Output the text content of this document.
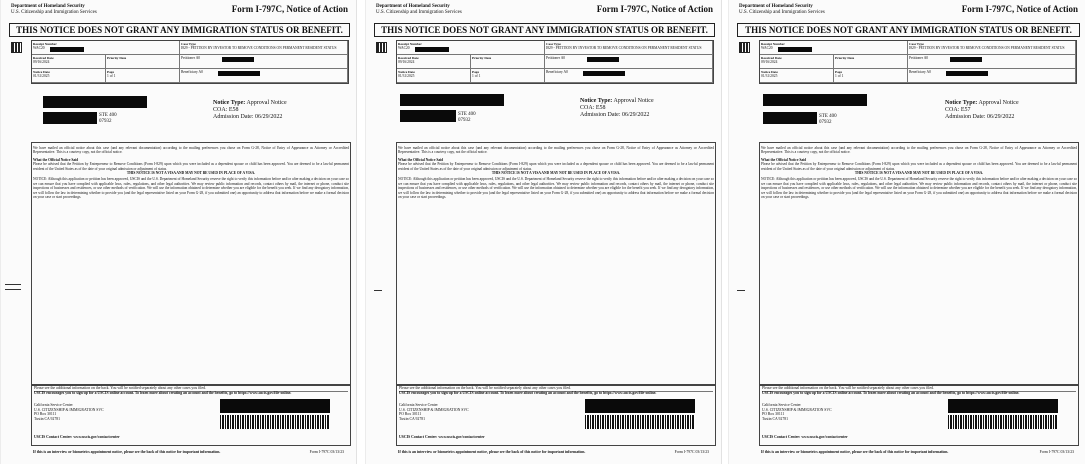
Department of Homeland Security
U.S. Citizenship and Immigration Services	Form I-797C, Notice of Action
THIS NOTICE DOES NOT GRANT ANY IMMIGRATION STATUS OR BENEFIT.
Receipt Number
WAC20
Case Type
I829 - PETITION BY INVESTOR TO REMOVE CONDITIONS ON PERMANENT RESIDENT STATUS
Received Date
09/16/2024
Priority Date	Petitioner A0
Notice Date
01/31/2025
Page
1 of 1
Beneficiary A0
STE 400
07932
Notice Type: Approval Notice
COA: E58
Admission Date: 06/29/2022
We have mailed an official notice about this case (and any relevant documentation) according to the mailing preferences you chose on Form G-28, Notice of Entry of Appearance as Attorney or Accredited Representative. This is a courtesy copy, not the official notice.
What the Official Notice Said
Please be advised that the Petition by Entrepreneur to Remove Conditions (Form I-829) upon which you were included as a dependent spouse or child has been approved. You are deemed to be a lawful permanent resident of the United States as of the date of your original admission or adjustment of status.
THIS NOTICE IS NOT A VISA AND MAY NOT BE USED IN PLACE OF A VISA.
NOTICE: Although this application or petition has been approved, USCIS and the U.S. Department of Homeland Security reserve the right to verify this information before and/or after making a decision on your case so we can ensure that you have complied with applicable laws, rules, regulations, and other legal authorities. We may review public information and records, contact others by mail, the internet or phone, conduct site inspections of businesses and residences, or use other methods of verification. We will use the information obtained to determine whether you are eligible for the benefit you seek. If we find any derogatory information, we will follow the law in determining whether to provide you (and the legal representative listed on your Form G-28, if you submitted one) an opportunity to address that information before we make a formal decision on your case or start proceedings.
Please see the additional information on the back. You will be notified separately about any other cases you filed.
USCIS encourages you to sign up for a USCIS online account. To learn more about creating an account and the benefits, go to https://www.uscis.gov/file-online.
California Service Center
U.S. CITIZENSHIP & IMMIGRATION SVC
PO Box 30111
Tustin CA 92781
USCIS Contact Center: www.uscis.gov/contactcenter
If this is an interview or biometrics appointment notice, please see the back of this notice for important information.	Form I-797C 03/13/23
Department of Homeland Security
U.S. Citizenship and Immigration Services	Form I-797C, Notice of Action
THIS NOTICE DOES NOT GRANT ANY IMMIGRATION STATUS OR BENEFIT.
Receipt Number
WAC20
Case Type
I829 - PETITION BY INVESTOR TO REMOVE CONDITIONS ON PERMANENT RESIDENT STATUS
Received Date
09/16/2024
Priority Date	Petitioner A0
Notice Date
01/31/2025
Page
1 of 1
Beneficiary A0
STE 400
07932
Notice Type: Approval Notice
COA: E58
Admission Date: 06/29/2022
We have mailed an official notice about this case (and any relevant documentation) according to the mailing preferences you chose on Form G-28, Notice of Entry of Appearance as Attorney or Accredited Representative. This is a courtesy copy, not the official notice.
What the Official Notice Said
Please be advised that the Petition by Entrepreneur to Remove Conditions (Form I-829) upon which you were included as a dependent spouse or child has been approved. You are deemed to be a lawful permanent resident of the United States as of the date of your original admission or adjustment of status.
THIS NOTICE IS NOT A VISA AND MAY NOT BE USED IN PLACE OF A VISA.
NOTICE: Although this application or petition has been approved, USCIS and the U.S. Department of Homeland Security reserve the right to verify this information before and/or after making a decision on your case so we can ensure that you have complied with applicable laws, rules, regulations, and other legal authorities. We may review public information and records, contact others by mail, the internet or phone, conduct site inspections of businesses and residences, or use other methods of verification. We will use the information obtained to determine whether you are eligible for the benefit you seek. If we find any derogatory information, we will follow the law in determining whether to provide you (and the legal representative listed on your Form G-28, if you submitted one) an opportunity to address that information before we make a formal decision on your case or start proceedings.
Please see the additional information on the back. You will be notified separately about any other cases you filed.
USCIS encourages you to sign up for a USCIS online account. To learn more about creating an account and the benefits, go to https://www.uscis.gov/file-online.
California Service Center
U.S. CITIZENSHIP & IMMIGRATION SVC
PO Box 30111
Tustin CA 92781
USCIS Contact Center: www.uscis.gov/contactcenter
If this is an interview or biometrics appointment notice, please see the back of this notice for important information.	Form I-797C 03/13/23
Department of Homeland Security
U.S. Citizenship and Immigration Services	Form I-797C, Notice of Action
THIS NOTICE DOES NOT GRANT ANY IMMIGRATION STATUS OR BENEFIT.
Receipt Number
WAC20
Case Type
I829 - PETITION BY INVESTOR TO REMOVE CONDITIONS ON PERMANENT RESIDENT STATUS
Received Date
09/16/2024
Priority Date	Petitioner A0
Notice Date
01/31/2025
Page
1 of 1
Beneficiary A0
STE 400
07932
Notice Type: Approval Notice
COA: E57
Admission Date: 06/29/2022
We have mailed an official notice about this case (and any relevant documentation) according to the mailing preferences you chose on Form G-28, Notice of Entry of Appearance as Attorney or Accredited Representative. This is a courtesy copy, not the official notice.
What the Official Notice Said
Please be advised that the Petition by Entrepreneur to Remove Conditions (Form I-829) upon which you were included as a dependent spouse or child has been approved. You are deemed to be a lawful permanent resident of the United States as of the date of your original admission or adjustment of status.
THIS NOTICE IS NOT A VISA AND MAY NOT BE USED IN PLACE OF A VISA.
NOTICE: Although this application or petition has been approved, USCIS and the U.S. Department of Homeland Security reserve the right to verify this information before and/or after making a decision on your case so we can ensure that you have complied with applicable laws, rules, regulations, and other legal authorities. We may review public information and records, contact others by mail, the internet or phone, conduct site inspections of businesses and residences, or use other methods of verification. We will use the information obtained to determine whether you are eligible for the benefit you seek. If we find any derogatory information, we will follow the law in determining whether to provide you (and the legal representative listed on your Form G-28, if you submitted one) an opportunity to address that information before we make a formal decision on your case or start proceedings.
Please see the additional information on the back. You will be notified separately about any other cases you filed.
USCIS encourages you to sign up for a USCIS online account. To learn more about creating an account and the benefits, go to https://www.uscis.gov/file-online.
California Service Center
U.S. CITIZENSHIP & IMMIGRATION SVC
PO Box 30111
Tustin CA 92781
USCIS Contact Center: www.uscis.gov/contactcenter
If this is an interview or biometrics appointment notice, please see the back of this notice for important information.	Form I-797C 03/13/23
